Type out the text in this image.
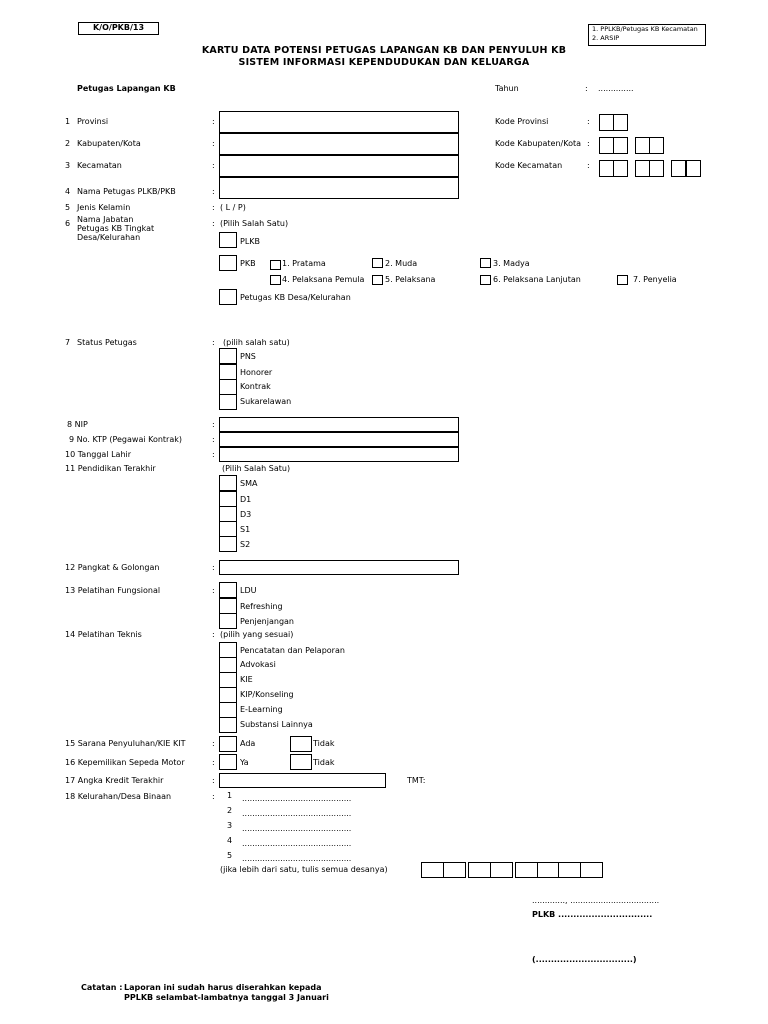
K/O/PKB/13	1. PPLKB/Petugas KB Kecamatan
2. ARSIP
KARTU DATA POTENSI PETUGAS LAPANGAN KB DAN PENYULUH KB
SISTEM INFORMASI KEPENDUDUKAN DAN KELUARGA
Petugas Lapangan KB	Tahun	: ..............
1 Provinsi	:
2 Kabupaten/Kota	:
3 Kecamatan	:
4 Nama Petugas PLKB/PKB	:
Kode Provinsi	:
Kode Kabupaten/Kota :
Kode Kecamatan	:
5 Jenis Kelamin	: ( L / P)
6 Nama Jabatan
Petugas KB Tingkat
Desa/Kelurahan
: (Pilih Salah Satu)
PLKB
PKB	1. Pratama	2. Muda	3. Madya
4. Pelaksana Pemula	5. Pelaksana	6. Pelaksana Lanjutan	7. Penyelia
Petugas KB Desa/Kelurahan
7 Status Petugas	: (pilih salah satu)
PNS
Honorer
Kontrak
Sukarelawan
8 NIP	:
9 No. KTP (Pegawai Kontrak)	:
10 Tanggal Lahir	:
11 Pendidikan Terakhir	(Pilih Salah Satu)
SMA
D1
D3
S1
S2
12 Pangkat & Golongan	:
13 Pelatihan Fungsional	:	LDU
Refreshing
Penjenjangan
14 Pelatihan Teknis	: (pilih yang sesuai)
Pencatatan dan Pelaporan
Advokasi
KIE
KIP/Konseling
E-Learning
Substansi Lainnya
15 Sarana Penyuluhan/KIE KIT	:	Ada	Tidak
16 Kepemilikan Sepeda Motor	:	Ya	Tidak
17 Angka Kredit Terakhir	:	TMT:
18 Kelurahan/Desa Binaan	: 1 ...........................................
2 ...........................................
3 ...........................................
4 ...........................................
5 ...........................................
(jika lebih dari satu, tulis semua desanya)
............., ...................................
PLKB ...............................
(................................)
Catatan : Laporan ini sudah harus diserahkan kepada
PPLKB selambat-lambatnya tanggal 3 Januari
